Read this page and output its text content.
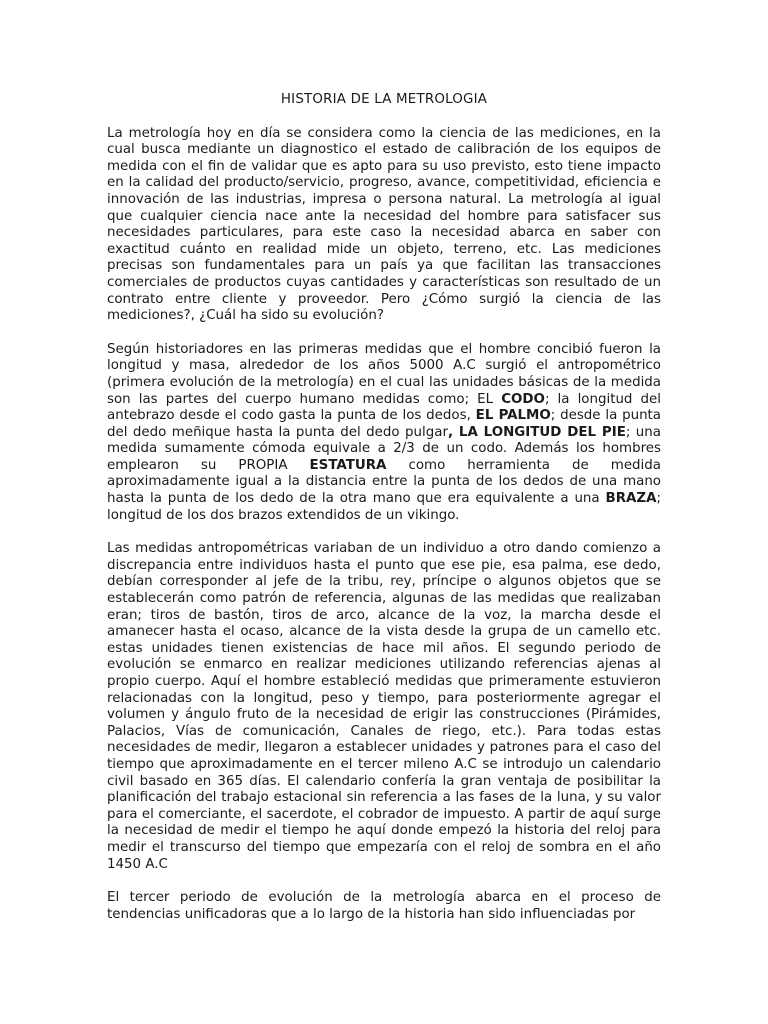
HISTORIA DE LA METROLOGIA

La metrología hoy en día se considera como la ciencia de las mediciones, en la cual busca mediante un diagnostico el estado de calibración de los equipos de medida con el fin de validar que es apto para su uso previsto, esto tiene impacto en la calidad del producto/servicio, progreso, avance, competitividad, eficiencia e innovación de las industrias, impresa o persona natural. La metrología al igual que cualquier ciencia nace ante la necesidad del hombre para satisfacer sus necesidades particulares, para este caso la necesidad abarca en saber con exactitud cuánto en realidad mide un objeto, terreno, etc. Las mediciones precisas son fundamentales para un país ya que facilitan las transacciones comerciales de productos cuyas cantidades y características son resultado de un contrato entre cliente y proveedor. Pero ¿Cómo surgió la ciencia de las mediciones?, ¿Cuál ha sido su evolución?

Según historiadores en las primeras medidas que el hombre concibió fueron la longitud y masa, alrededor de los años 5000 A.C surgió el antropométrico (primera evolución de la metrología) en el cual las unidades básicas de la medida son las partes del cuerpo humano medidas como; EL CODO; la longitud del antebrazo desde el codo gasta la punta de los dedos, EL PALMO; desde la punta del dedo meñique hasta la punta del dedo pulgar, LA LONGITUD DEL PIE; una medida sumamente cómoda equivale a 2/3 de un codo. Además los hombres emplearon su PROPIA ESTATURA como herramienta de medida aproximadamente igual a la distancia entre la punta de los dedos de una mano hasta la punta de los dedo de la otra mano que era equivalente a una BRAZA; longitud de los dos brazos extendidos de un vikingo.

Las medidas antropométricas variaban de un individuo a otro dando comienzo a discrepancia entre individuos hasta el punto que ese pie, esa palma, ese dedo, debían corresponder al jefe de la tribu, rey, príncipe o algunos objetos que se establecerán como patrón de referencia, algunas de las medidas que realizaban eran; tiros de bastón, tiros de arco, alcance de la voz, la marcha desde el amanecer hasta el ocaso, alcance de la vista desde la grupa de un camello etc. estas unidades tienen existencias de hace mil años. El segundo periodo de evolución se enmarco en realizar mediciones utilizando referencias ajenas al propio cuerpo. Aquí el hombre estableció medidas que primeramente estuvieron relacionadas con la longitud, peso y tiempo, para posteriormente agregar el volumen y ángulo fruto de la necesidad de erigir las construcciones (Pirámides, Palacios, Vías de comunicación, Canales de riego, etc.). Para todas estas necesidades de medir, llegaron a establecer unidades y patrones para el caso del tiempo que aproximadamente en el tercer mileno A.C se introdujo un calendario civil basado en 365 días. El calendario confería la gran ventaja de posibilitar la planificación del trabajo estacional sin referencia a las fases de la luna, y su valor para el comerciante, el sacerdote, el cobrador de impuesto. A partir de aquí surge la necesidad de medir el tiempo he aquí donde empezó la historia del reloj para medir el transcurso del tiempo que empezaría con el reloj de sombra en el año 1450 A.C

El tercer periodo de evolución de la metrología abarca en el proceso de tendencias unificadoras que a lo largo de la historia han sido influenciadas por
